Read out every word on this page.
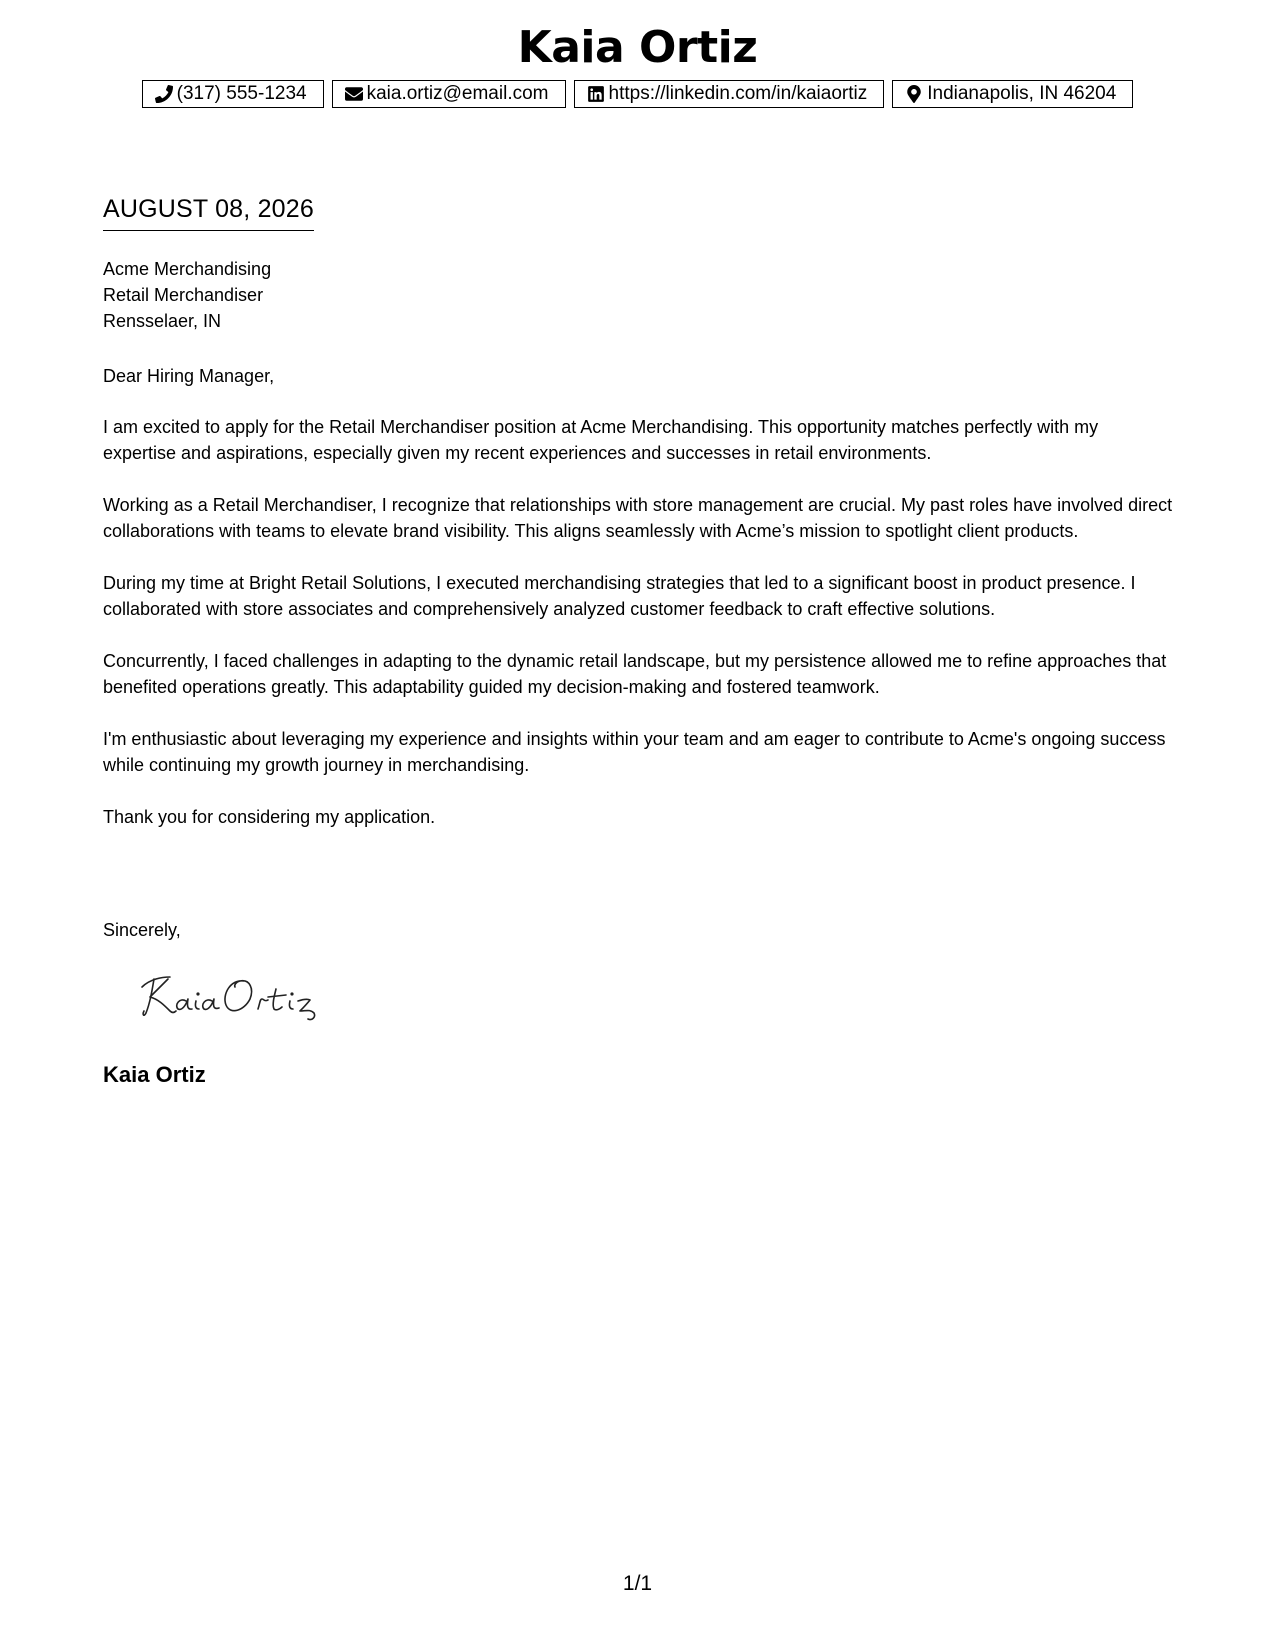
Kaia Ortiz
(317) 555-1234	kaia.ortiz@email.com	https://linkedin.com/in/kaiaortiz	Indianapolis, IN 46204
AUGUST 08, 2026
Acme Merchandising
Retail Merchandiser
Rensselaer, IN
Dear Hiring Manager,

I am excited to apply for the Retail Merchandiser position at Acme Merchandising. This opportunity matches perfectly with my expertise and aspirations, especially given my recent experiences and successes in retail environments.

Working as a Retail Merchandiser, I recognize that relationships with store management are crucial. My past roles have involved direct collaborations with teams to elevate brand visibility. This aligns seamlessly with Acme’s mission to spotlight client products.

During my time at Bright Retail Solutions, I executed merchandising strategies that led to a significant boost in product presence. I collaborated with store associates and comprehensively analyzed customer feedback to craft effective solutions.

Concurrently, I faced challenges in adapting to the dynamic retail landscape, but my persistence allowed me to refine approaches that benefited operations greatly. This adaptability guided my decision-making and fostered teamwork.

I'm enthusiastic about leveraging my experience and insights within your team and am eager to contribute to Acme's ongoing success while continuing my growth journey in merchandising.

Thank you for considering my application.

Sincerely,
Kaia Ortiz
1/1
